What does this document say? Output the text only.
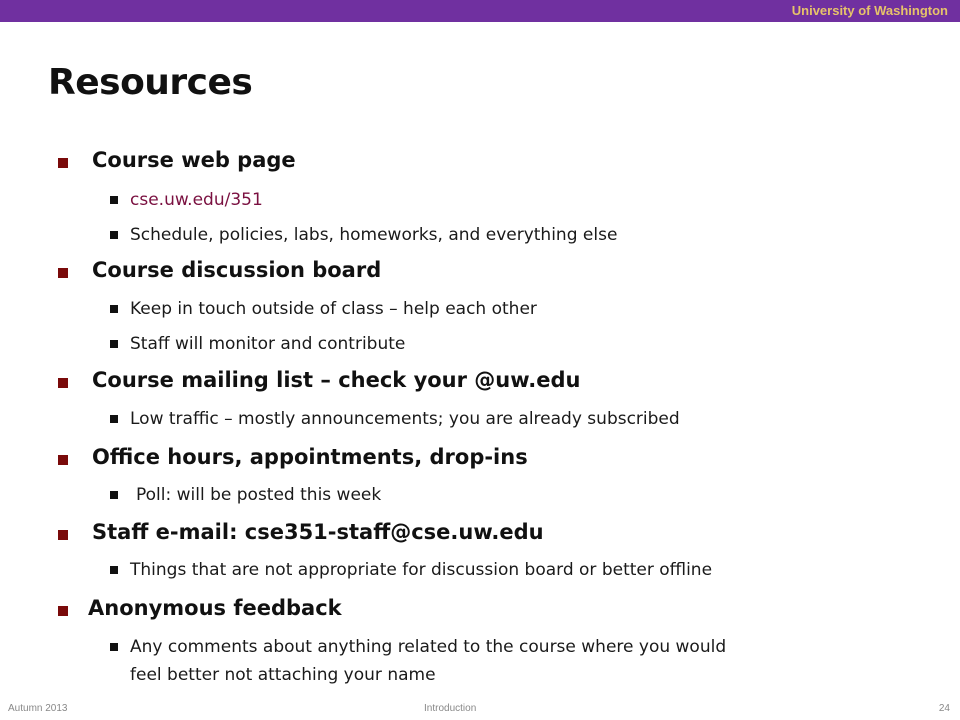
University of Washington
Resources
Course web page
cse.uw.edu/351
Schedule, policies, labs, homeworks, and everything else
Course discussion board
Keep in touch outside of class – help each other
Staff will monitor and contribute
Course mailing list – check your @uw.edu
Low traffic – mostly announcements; you are already subscribed
Office hours, appointments, drop-ins
Poll: will be posted this week
Staff e-mail: cse351-staff@cse.uw.edu
Things that are not appropriate for discussion board or better offline
Anonymous feedback
Any comments about anything related to the course where you would
feel better not attaching your name
Autumn 2013	Introduction	24
